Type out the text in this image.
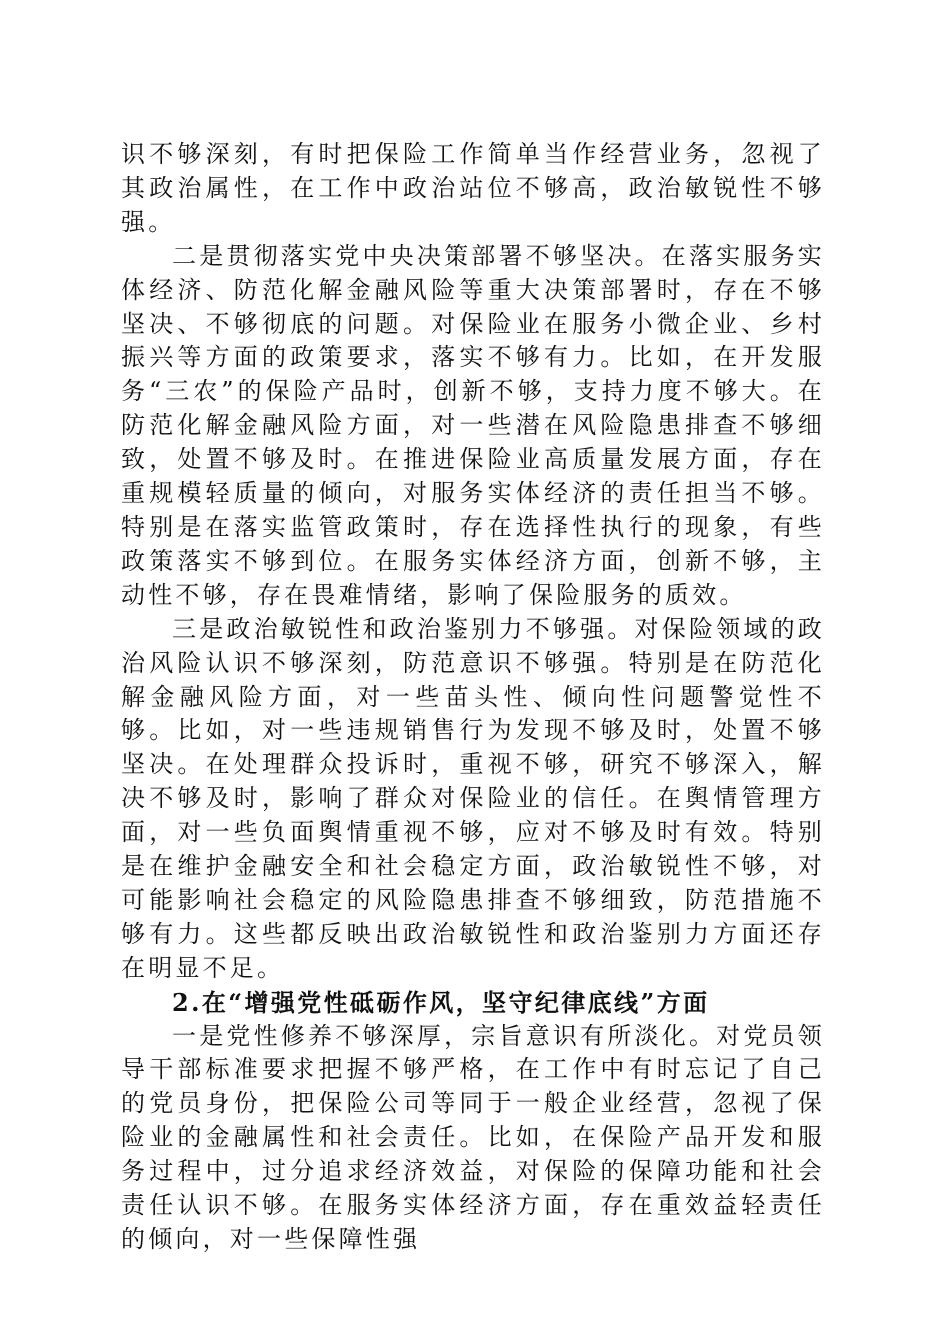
识不够深刻，有时把保险工作简单当作经营业务，忽视了其政治属性，在工作中政治站位不够高，政治敏锐性不够强。

二是贯彻落实党中央决策部署不够坚决。在落实服务实体经济、防范化解金融风险等重大决策部署时，存在不够坚决、不够彻底的问题。对保险业在服务小微企业、乡村振兴等方面的政策要求，落实不够有力。比如，在开发服务“三农”的保险产品时，创新不够，支持力度不够大。在防范化解金融风险方面，对一些潜在风险隐患排查不够细致，处置不够及时。在推进保险业高质量发展方面，存在重规模轻质量的倾向，对服务实体经济的责任担当不够。特别是在落实监管政策时，存在选择性执行的现象，有些政策落实不够到位。在服务实体经济方面，创新不够，主动性不够，存在畏难情绪，影响了保险服务的质效。

三是政治敏锐性和政治鉴别力不够强。对保险领域的政治风险认识不够深刻，防范意识不够强。特别是在防范化解金融风险方面，对一些苗头性、倾向性问题警觉性不够。比如，对一些违规销售行为发现不够及时，处置不够坚决。在处理群众投诉时，重视不够，研究不够深入，解决不够及时，影响了群众对保险业的信任。在舆情管理方面，对一些负面舆情重视不够，应对不够及时有效。特别是在维护金融安全和社会稳定方面，政治敏锐性不够，对可能影响社会稳定的风险隐患排查不够细致，防范措施不够有力。这些都反映出政治敏锐性和政治鉴别力方面还存在明显不足。

2.在“增强党性砥砺作风，坚守纪律底线”方面

一是党性修养不够深厚，宗旨意识有所淡化。对党员领导干部标准要求把握不够严格，在工作中有时忘记了自己的党员身份，把保险公司等同于一般企业经营，忽视了保险业的金融属性和社会责任。比如，在保险产品开发和服务过程中，过分追求经济效益，对保险的保障功能和社会责任认识不够。在服务实体经济方面，存在重效益轻责任的倾向，对一些保障性强
